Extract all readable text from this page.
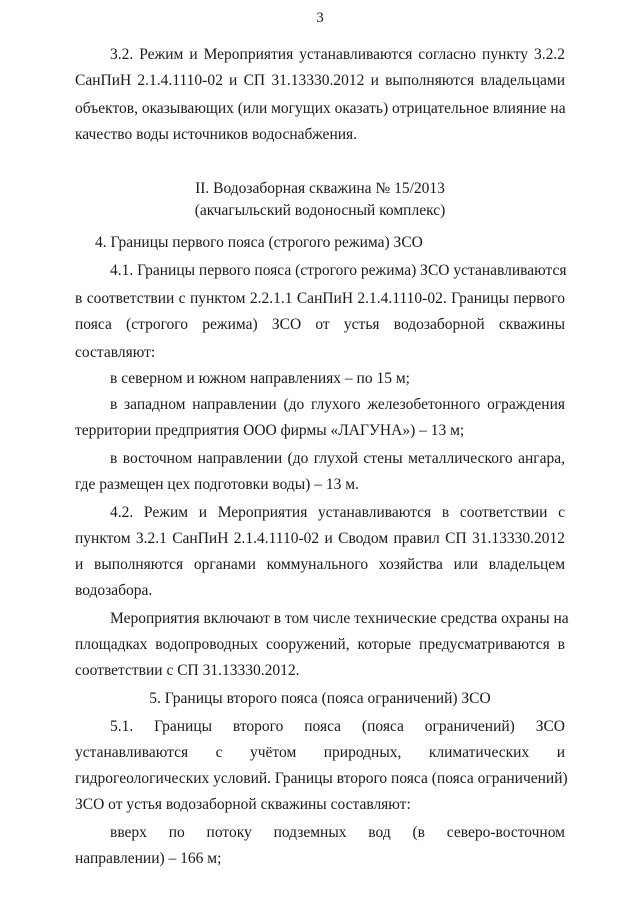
3
3.2. Режим и Мероприятия устанавливаются согласно пункту 3.2.2
СанПиН 2.1.4.1110-02 и СП 31.13330.2012 и выполняются владельцами
объектов, оказывающих (или могущих оказать) отрицательное влияние на
качество воды источников водоснабжения.
II. Водозаборная скважина № 15/2013
(акчагыльский водоносный комплекс)
4. Границы первого пояса (строгого режима) ЗСО
4.1. Границы первого пояса (строгого режима) ЗСО устанавливаются
в соответствии с пунктом 2.2.1.1 СанПиН 2.1.4.1110-02. Границы первого
пояса (строгого режима) ЗСО от устья водозаборной скважины
составляют:
в северном и южном направлениях – по 15 м;
в западном направлении (до глухого железобетонного ограждения
территории предприятия ООО фирмы «ЛАГУНА») – 13 м;
в восточном направлении (до глухой стены металлического ангара,
где размещен цех подготовки воды) – 13 м.
4.2. Режим и Мероприятия устанавливаются в соответствии с
пунктом 3.2.1 СанПиН 2.1.4.1110-02 и Сводом правил СП 31.13330.2012
и выполняются органами коммунального хозяйства или владельцем
водозабора.
Мероприятия включают в том числе технические средства охраны на
площадках водопроводных сооружений, которые предусматриваются в
соответствии с СП 31.13330.2012.
5. Границы второго пояса (пояса ограничений) ЗСО
5.1. Границы второго пояса (пояса ограничений) ЗСО
устанавливаются с учётом природных, климатических и
гидрогеологических условий. Границы второго пояса (пояса ограничений)
ЗСО от устья водозаборной скважины составляют:
вверх по потоку подземных вод (в северо-восточном
направлении) – 166 м;
